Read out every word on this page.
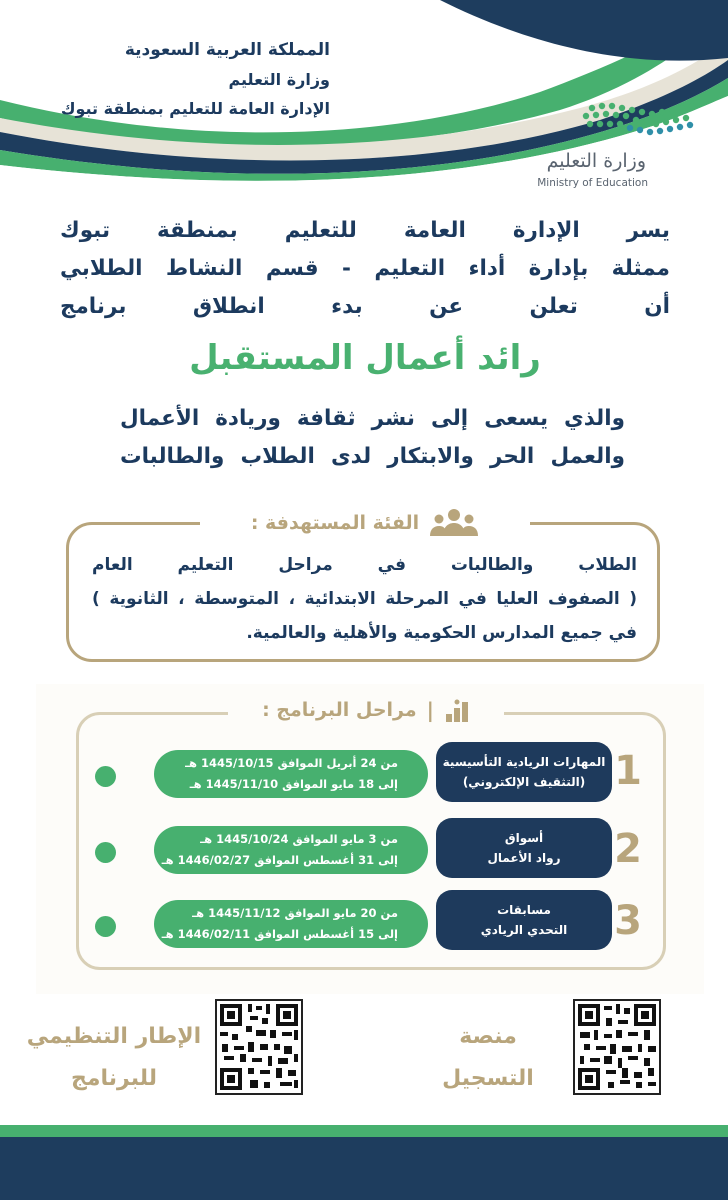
المملكة العربية السعودية
وزارة التعليم
الإدارة العامة للتعليم بمنطقة تبوك
وزارة التعليم
Ministry of Education
يسر الإدارة العامة للتعليم بمنطقة تبوك
ممثلة بإدارة أداء التعليم - قسم النشاط الطلابي
أن تعلن عن بدء انطلاق برنامج
رائد أعمال المستقبل
والذي يسعى إلى نشر ثقافة وريادة الأعمال
والعمل الحر والابتكار لدى الطلاب والطالبات
الفئة المستهدفة :
الطلاب والطالبات في مراحل التعليم العام
( الصفوف العليا في المرحلة الابتدائية ، المتوسطة ، الثانوية )
في جميع المدارس الحكومية والأهلية والعالمية.
|
مراحل البرنامج :
1
المهارات الريادية التأسيسية
(التثقيف الإلكتروني)
من 24 أبريل الموافق 1445/10/15 هـ
إلى 18 مايو الموافق 1445/11/10 هـ
2
أسواق
رواد الأعمال
من 3 مايو الموافق 1445/10/24 هـ
إلى 31 أغسطس الموافق 1446/02/27 هـ
3
مسابقات
التحدي الريادي
من 20 مايو الموافق 1445/11/12 هـ
إلى 15 أغسطس الموافق 1446/02/11 هـ
الإطار التنظيمي
للبرنامج
منصة
التسجيل
